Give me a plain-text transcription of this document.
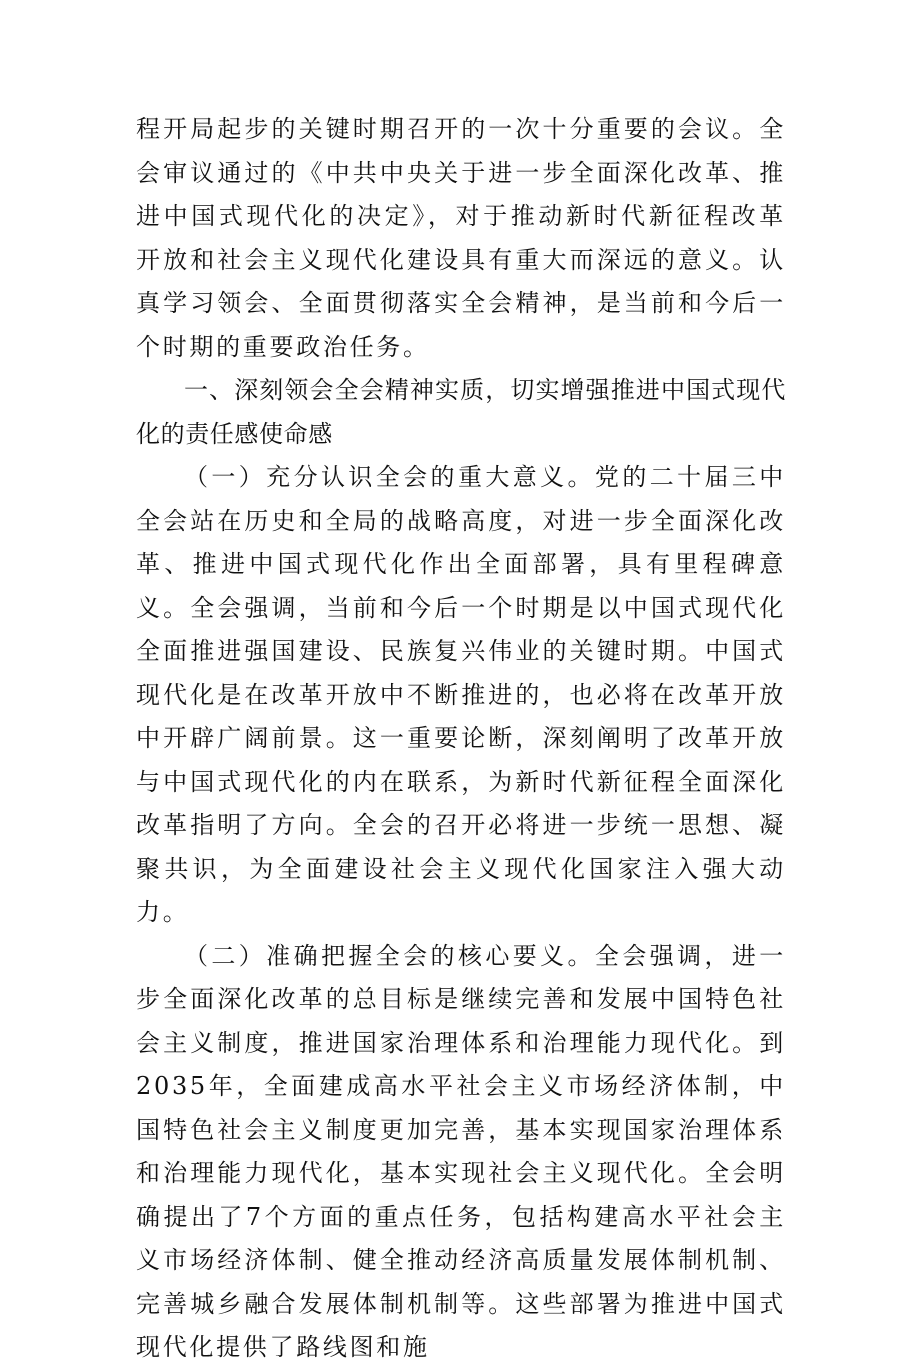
程开局起步的关键时期召开的一次十分重要的会议。全会审议通过的《中共中央关于进一步全面深化改革、推进中国式现代化的决定》，对于推动新时代新征程改革开放和社会主义现代化建设具有重大而深远的意义。认真学习领会、全面贯彻落实全会精神，是当前和今后一个时期的重要政治任务。

一、深刻领会全会精神实质，切实增强推进中国式现代化的责任感使命感

（一）充分认识全会的重大意义。党的二十届三中全会站在历史和全局的战略高度，对进一步全面深化改革、推进中国式现代化作出全面部署，具有里程碑意义。全会强调，当前和今后一个时期是以中国式现代化全面推进强国建设、民族复兴伟业的关键时期。中国式现代化是在改革开放中不断推进的，也必将在改革开放中开辟广阔前景。这一重要论断，深刻阐明了改革开放与中国式现代化的内在联系，为新时代新征程全面深化改革指明了方向。全会的召开必将进一步统一思想、凝聚共识，为全面建设社会主义现代化国家注入强大动力。

（二）准确把握全会的核心要义。全会强调，进一步全面深化改革的总目标是继续完善和发展中国特色社会主义制度，推进国家治理体系和治理能力现代化。到2035年，全面建成高水平社会主义市场经济体制，中国特色社会主义制度更加完善，基本实现国家治理体系和治理能力现代化，基本实现社会主义现代化。全会明确提出了7个方面的重点任务，包括构建高水平社会主义市场经济体制、健全推动经济高质量发展体制机制、完善城乡融合发展体制机制等。这些部署为推进中国式现代化提供了路线图和施
